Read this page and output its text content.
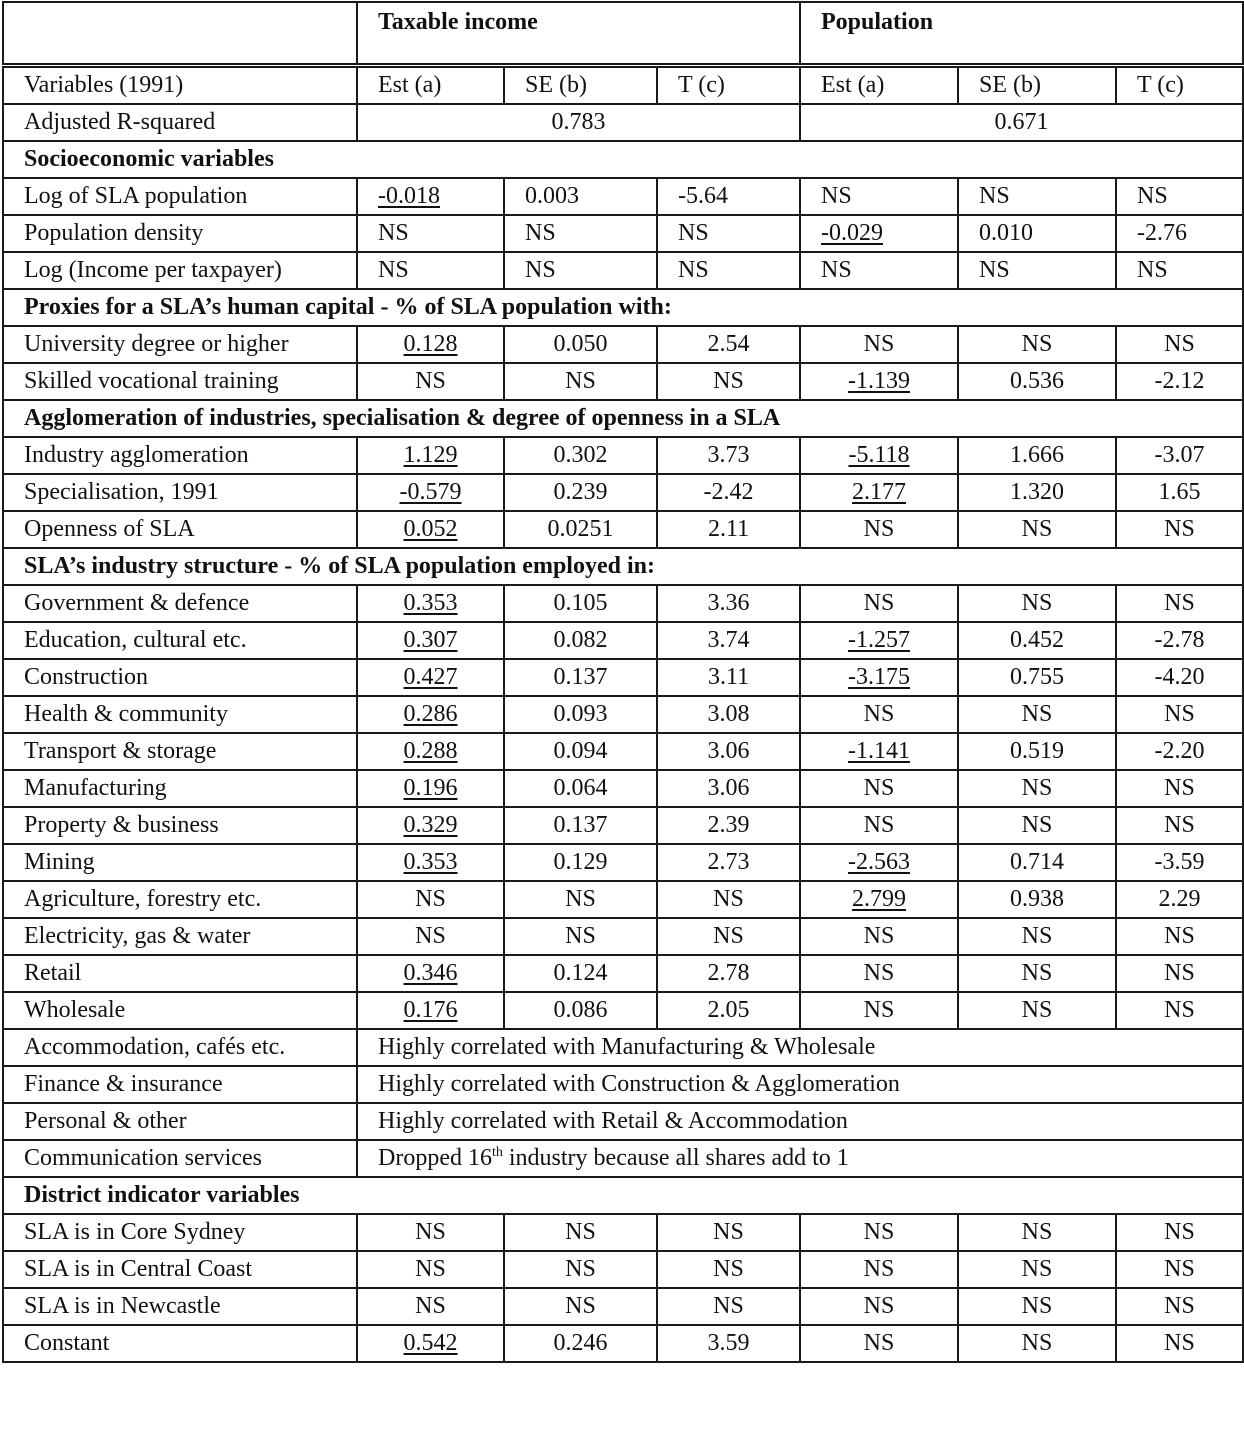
	Taxable income			Population		
Variables (1991)	Est (a)	SE (b)	T (c)	Est (a)	SE (b)	T (c)
Adjusted R-squared	0.783			0.671		
Socioeconomic variables						
Log of SLA population	-0.018	0.003	-5.64	NS	NS	NS
Population density	NS	NS	NS	-0.029	0.010	-2.76
Log (Income per taxpayer)	NS	NS	NS	NS	NS	NS
Proxies for a SLA’s human capital - % of SLA population with:						
University degree or higher	0.128	0.050	2.54	NS	NS	NS
Skilled vocational training	NS	NS	NS	-1.139	0.536	-2.12
Agglomeration of industries, specialisation & degree of openness in a SLA						
Industry agglomeration	1.129	0.302	3.73	-5.118	1.666	-3.07
Specialisation, 1991	-0.579	0.239	-2.42	2.177	1.320	1.65
Openness of SLA	0.052	0.0251	2.11	NS	NS	NS
SLA’s industry structure - % of SLA population employed in:						
Government & defence	0.353	0.105	3.36	NS	NS	NS
Education, cultural etc.	0.307	0.082	3.74	-1.257	0.452	-2.78
Construction	0.427	0.137	3.11	-3.175	0.755	-4.20
Health & community	0.286	0.093	3.08	NS	NS	NS
Transport & storage	0.288	0.094	3.06	-1.141	0.519	-2.20
Manufacturing	0.196	0.064	3.06	NS	NS	NS
Property & business	0.329	0.137	2.39	NS	NS	NS
Mining	0.353	0.129	2.73	-2.563	0.714	-3.59
Agriculture, forestry etc.	NS	NS	NS	2.799	0.938	2.29
Electricity, gas & water	NS	NS	NS	NS	NS	NS
Retail	0.346	0.124	2.78	NS	NS	NS
Wholesale	0.176	0.086	2.05	NS	NS	NS
Accommodation, cafés etc.	Highly correlated with Manufacturing & Wholesale					
Finance & insurance	Highly correlated with Construction & Agglomeration					
Personal & other	Highly correlated with Retail & Accommodation					
Communication services	Dropped 16th industry because all shares add to 1					
District indicator variables						
SLA is in Core Sydney	NS	NS	NS	NS	NS	NS
SLA is in Central Coast	NS	NS	NS	NS	NS	NS
SLA is in Newcastle	NS	NS	NS	NS	NS	NS
Constant	0.542	0.246	3.59	NS	NS	NS
